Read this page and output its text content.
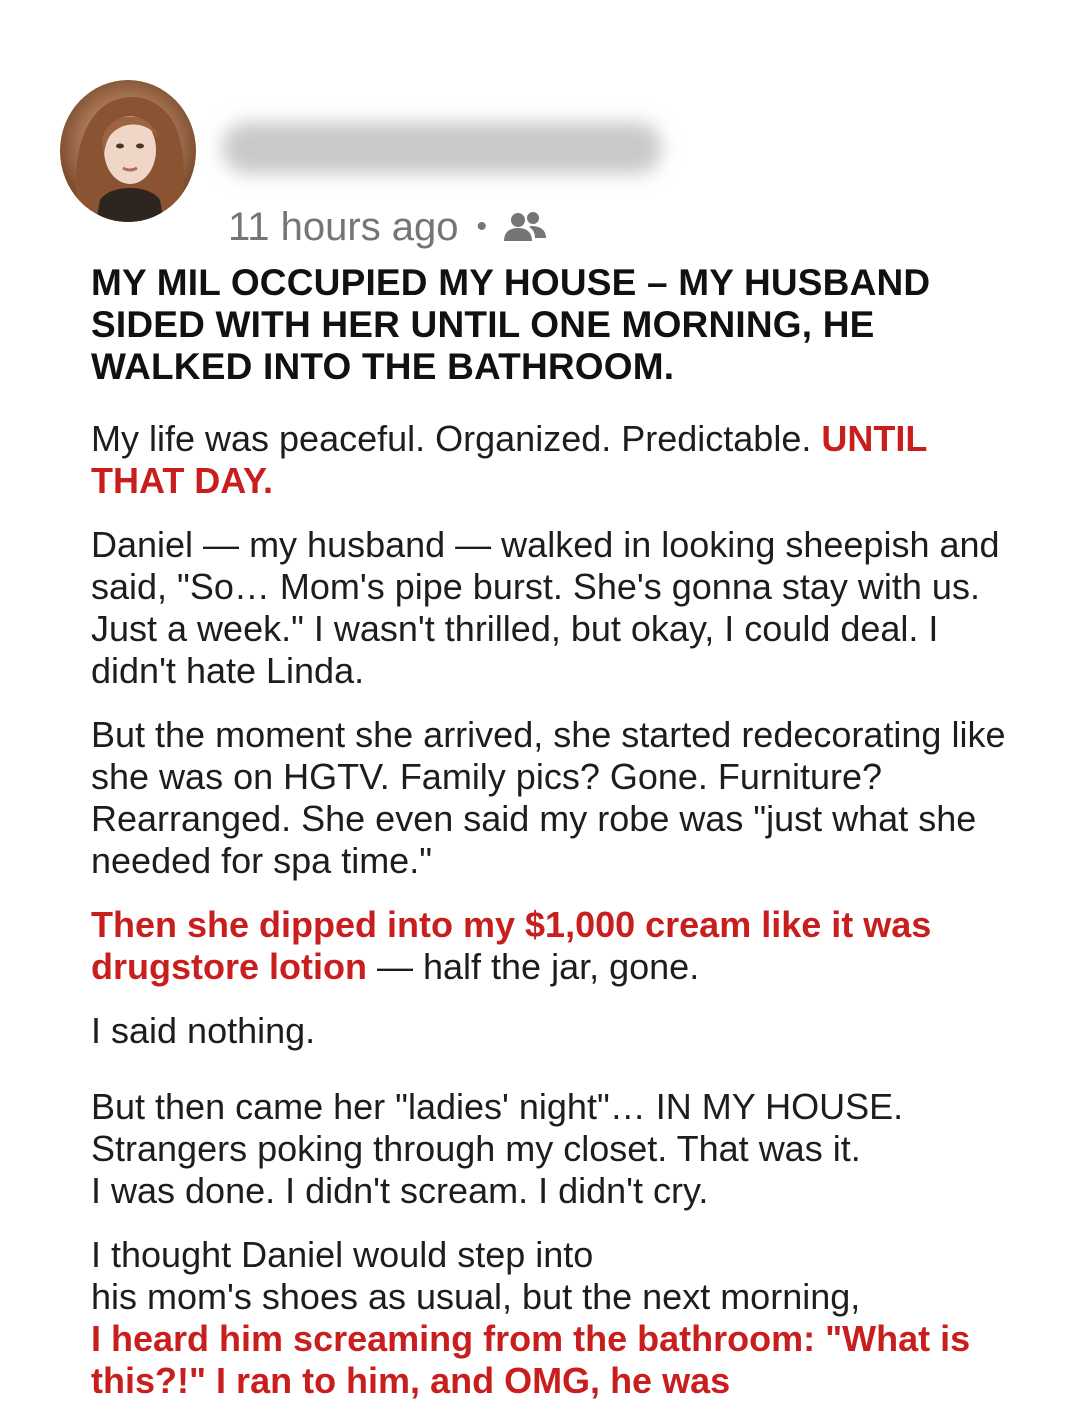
11 hours ago •
MY MIL OCCUPIED MY HOUSE – MY HUSBAND SIDED WITH HER UNTIL ONE MORNING, HE WALKED INTO THE BATHROOM.
My life was peaceful. Organized. Predictable. UNTIL THAT DAY.
Daniel — my husband — walked in looking sheepish and said, "So… Mom's pipe burst. She's gonna stay with us. Just a week." I wasn't thrilled, but okay, I could deal. I didn't hate Linda.
But the moment she arrived, she started redecorating like she was on HGTV. Family pics? Gone. Furniture? Rearranged. She even said my robe was "just what she needed for spa time."
Then she dipped into my $1,000 cream like it was drugstore lotion — half the jar, gone.
I said nothing.
But then came her "ladies' night"… IN MY HOUSE.
Strangers poking through my closet. That was it.
I was done. I didn't scream. I didn't cry.
I thought Daniel would step into
his mom's shoes as usual, but the next morning,
I heard him screaming from the bathroom: "What is this?!" I ran to him, and OMG, he was
